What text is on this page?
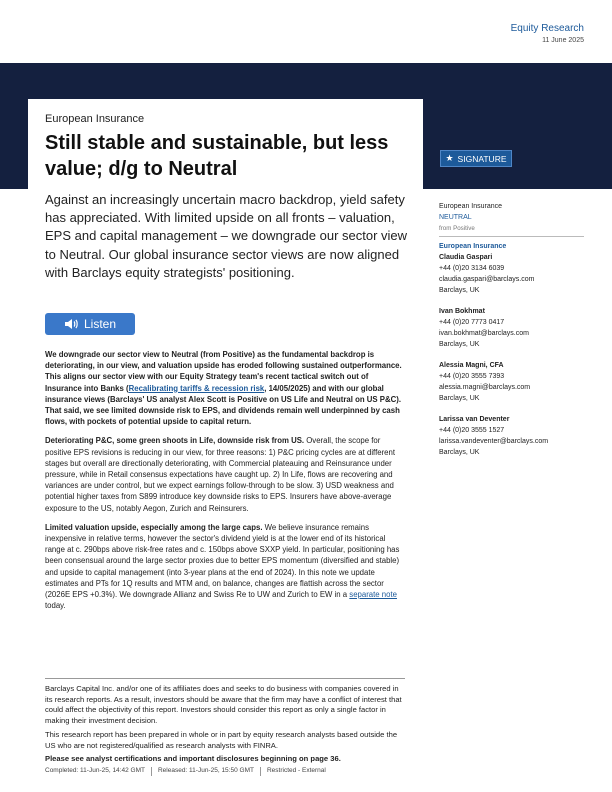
Equity Research
11 June 2025
European Insurance
Still stable and sustainable, but less value; d/g to Neutral
Against an increasingly uncertain macro backdrop, yield safety has appreciated. With limited upside on all fronts – valuation, EPS and capital management – we downgrade our sector view to Neutral. Our global insurance sector views are now aligned with Barclays equity strategists' positioning.
★ SIGNATURE
Listen

We downgrade our sector view to Neutral (from Positive) as the fundamental backdrop is deteriorating, in our view, and valuation upside has eroded following sustained outperformance. This aligns our sector view with our Equity Strategy team's recent tactical switch out of Insurance into Banks (Recalibrating tariffs & recession risk, 14/05/2025) and with our global insurance views (Barclays' US analyst Alex Scott is Positive on US Life and Neutral on US P&C). That said, we see limited downside risk to EPS, and dividends remain well underpinned by cash flows, with pockets of potential upside to capital return.

Deteriorating P&C, some green shoots in Life, downside risk from US. Overall, the scope for positive EPS revisions is reducing in our view, for three reasons: 1) P&C pricing cycles are at different stages but overall are directionally deteriorating, with Commercial plateauing and Reinsurance under pressure, while in Retail consensus expectations have caught up. 2) In Life, flows are recovering and variances are under control, but we expect earnings follow-through to be slow. 3) USD weakness and potential higher taxes from S899 introduce key downside risks to EPS. Insurers have above-average exposure to the US, notably Aegon, Zurich and Reinsurers.

Limited valuation upside, especially among the large caps. We believe insurance remains inexpensive in relative terms, however the sector's dividend yield is at the lower end of its historical range at c. 290bps above risk-free rates and c. 150bps above SXXP yield. In particular, positioning has been consensual around the large sector proxies due to better EPS momentum (diversified and stable) and upside to capital management (into 3-year plans at the end of 2024). In this note we update estimates and PTs for 1Q results and MTM and, on balance, changes are flattish across the sector (2026E EPS +0.3%). We downgrade Allianz and Swiss Re to UW and Zurich to EW in a separate note today.

European Insurance
NEUTRAL
from Positive
European Insurance
Claudia Gaspari
+44 (0)20 3134 6039
claudia.gaspari@barclays.com
Barclays, UK
Ivan Bokhmat
+44 (0)20 7773 0417
ivan.bokhmat@barclays.com
Barclays, UK
Alessia Magni, CFA
+44 (0)20 3555 7393
alessia.magni@barclays.com
Barclays, UK
Larissa van Deventer
+44 (0)20 3555 1527
larissa.vandeventer@barclays.com
Barclays, UK

Barclays Capital Inc. and/or one of its affiliates does and seeks to do business with companies covered in its research reports. As a result, investors should be aware that the firm may have a conflict of interest that could affect the objectivity of this report. Investors should consider this report as only a single factor in making their investment decision.

This research report has been prepared in whole or in part by equity research analysts based outside the US who are not registered/qualified as research analysts with FINRA.

Please see analyst certifications and important disclosures beginning on page 36.

Completed: 11-Jun-25, 14:42 GMT Released: 11-Jun-25, 15:50 GMT Restricted - External
